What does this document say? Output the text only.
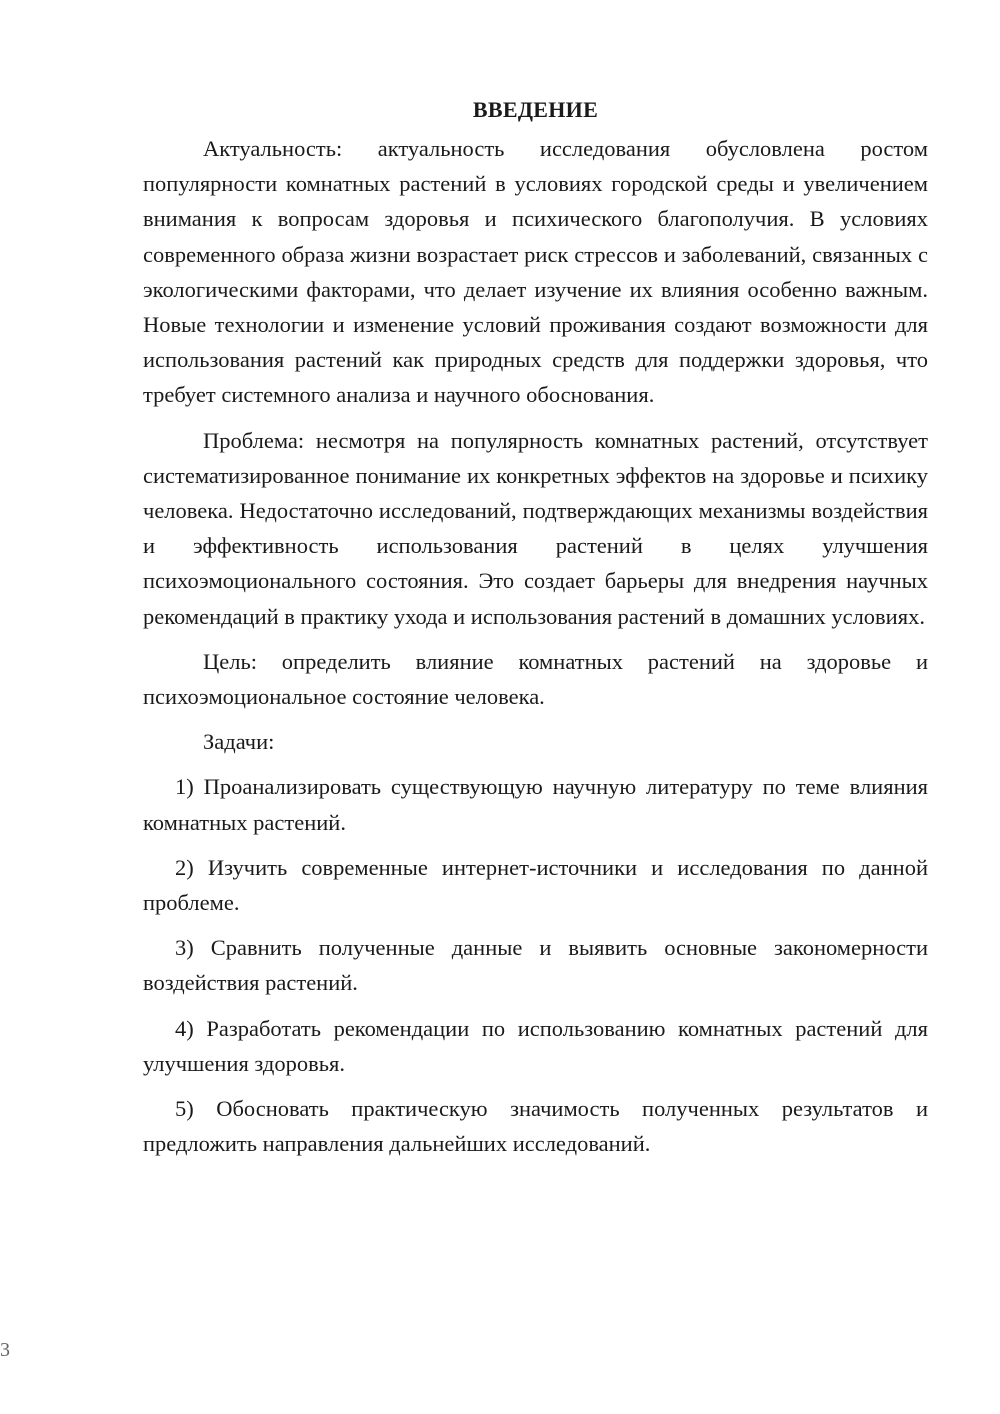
ВВЕДЕНИЕ

Актуальность: актуальность исследования обусловлена ростом популярности комнатных растений в условиях городской среды и увеличением внимания к вопросам здоровья и психического благополучия. В условиях современного образа жизни возрастает риск стрессов и заболеваний, связанных с экологическими факторами, что делает изучение их влияния особенно важным. Новые технологии и изменение условий проживания создают возможности для использования растений как природных средств для поддержки здоровья, что требует системного анализа и научного обоснования.

Проблема: несмотря на популярность комнатных растений, отсутствует систематизированное понимание их конкретных эффектов на здоровье и психику человека. Недостаточно исследований, подтверждающих механизмы воздействия и эффективность использования растений в целях улучшения психоэмоционального состояния. Это создает барьеры для внедрения научных рекомендаций в практику ухода и использования растений в домашних условиях.

Цель: определить влияние комнатных растений на здоровье и психоэмоциональное состояние человека.

Задачи:

1) Проанализировать существующую научную литературу по теме влияния комнатных растений.

2) Изучить современные интернет-источники и исследования по данной проблеме.

3) Сравнить полученные данные и выявить основные закономерности воздействия растений.

4) Разработать рекомендации по использованию комнатных растений для улучшения здоровья.

5) Обосновать практическую значимость полученных результатов и предложить направления дальнейших исследований.

3
